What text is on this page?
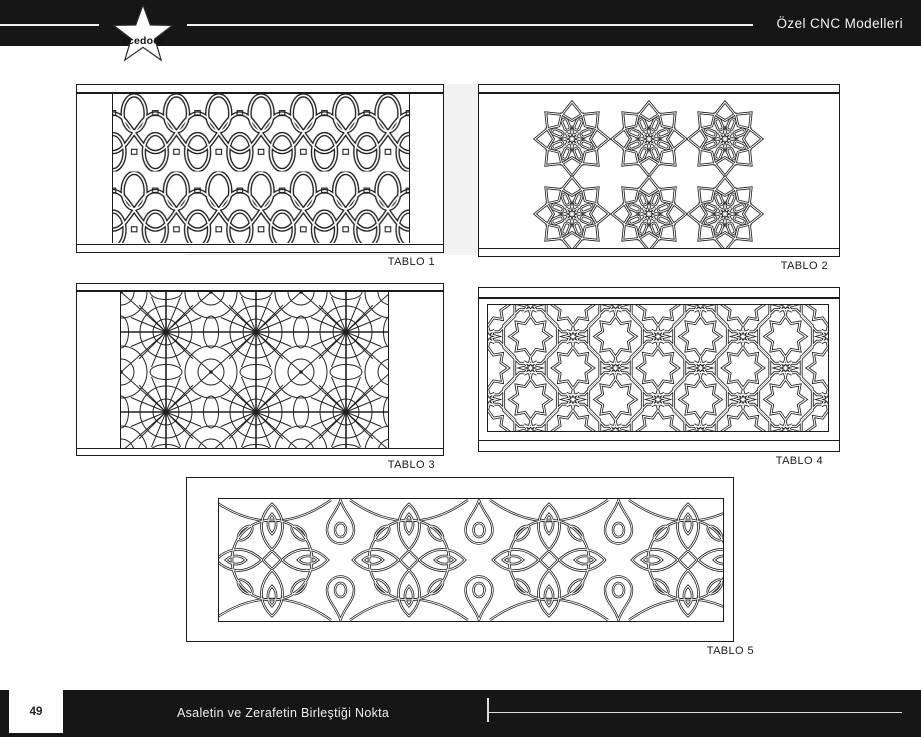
Özel CNC Modelleri
ecedoor
TABLO 1	TABLO 2
TABLO 3	TABLO 4
TABLO 5
49	Asaletin ve Zerafetin Birleştiği Nokta
